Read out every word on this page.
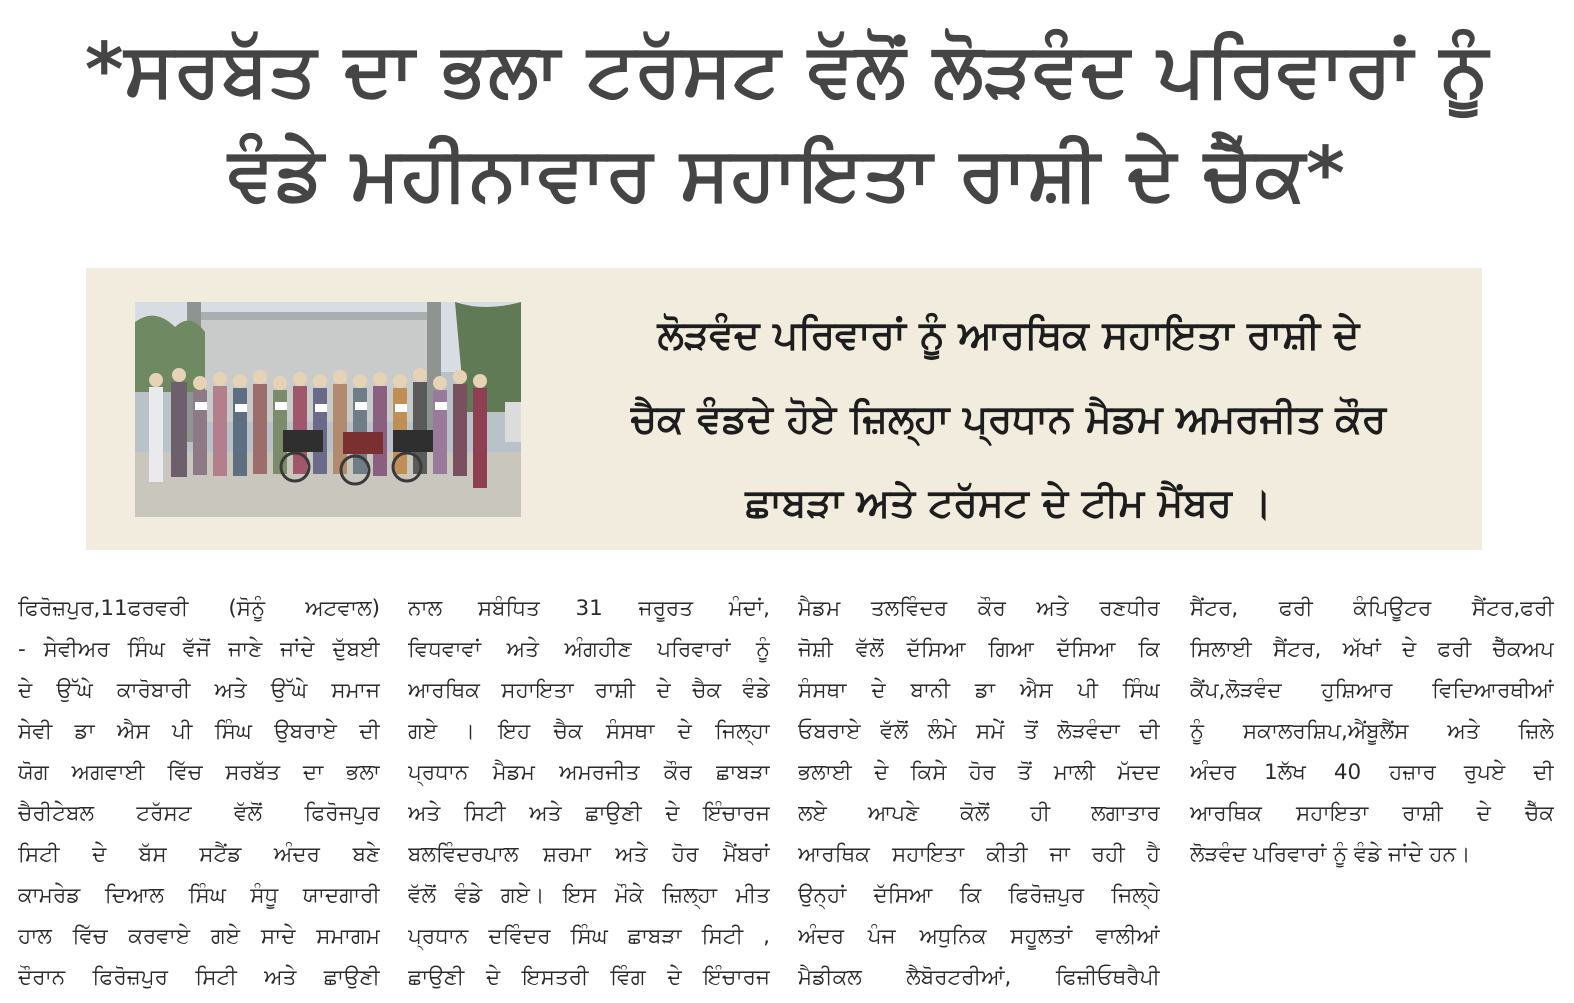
*ਸਰਬੱਤ ਦਾ ਭਲਾ ਟਰੱਸਟ ਵੱਲੋਂ ਲੋੜਵੰਦ ਪਰਿਵਾਰਾਂ ਨੂੰ
ਵੰਡੇ ਮਹੀਨਾਵਾਰ ਸਹਾਇਤਾ ਰਾਸ਼ੀ ਦੇ ਚੈੱਕ*
ਲੋੜਵੰਦ ਪਰਿਵਾਰਾਂ ਨੂੰ ਆਰਥਿਕ ਸਹਾਇਤਾ ਰਾਸ਼ੀ ਦੇ
ਚੈਕ ਵੰਡਦੇ ਹੋਏ ਜ਼ਿਲ੍ਹਾ ਪ੍ਰਧਾਨ ਮੈਡਮ ਅਮਰਜੀਤ ਕੌਰ
ਛਾਬੜਾ ਅਤੇ ਟਰੱਸਟ ਦੇ ਟੀਮ ਮੈਂਬਰ ।
ਫਿਰੋਜ਼ਪੁਰ,11ਫਰਵਰੀ (ਸੋਨੂੰ ਅਟਵਾਲ)
- ਸੇਵੀਅਰ ਸਿੰਘ ਵੱਜੋਂ ਜਾਣੇ ਜਾਂਦੇ ਦੁੱਬਈ
ਦੇ ਉੱਘੇ ਕਾਰੋਬਾਰੀ ਅਤੇ ਉੱਘੇ ਸਮਾਜ
ਸੇਵੀ ਡਾ ਐਸ ਪੀ ਸਿੰਘ ਉਬਰਾਏ ਦੀ
ਯੋਗ ਅਗਵਾਈ ਵਿੱਚ ਸਰਬੱਤ ਦਾ ਭਲਾ
ਚੈਰੀਟੇਬਲ ਟਰੱਸਟ ਵੱਲੋਂ ਫਿਰੋਜਪੁਰ
ਸਿਟੀ ਦੇ ਬੱਸ ਸਟੈਂਡ ਅੰਦਰ ਬਣੇ
ਕਾਮਰੇਡ ਦਿਆਲ ਸਿੰਘ ਸੰਧੂ ਯਾਦਗਾਰੀ
ਹਾਲ ਵਿੱਚ ਕਰਵਾਏ ਗਏ ਸਾਦੇ ਸਮਾਗਮ
ਦੌਰਾਨ ਫਿਰੋਜ਼ਪੁਰ ਸਿਟੀ ਅਤੇ ਛਾਉਣੀ
ਨਾਲ ਸਬੰਧਿਤ 31 ਜਰੂਰਤ ਮੰਦਾਂ,
ਵਿਧਵਾਵਾਂ ਅਤੇ ਅੰਗਹੀਣ ਪਰਿਵਾਰਾਂ ਨੂੰ
ਆਰਥਿਕ ਸਹਾਇਤਾ ਰਾਸ਼ੀ ਦੇ ਚੈਕ ਵੰਡੇ
ਗਏ । ਇਹ ਚੈਕ ਸੰਸਥਾ ਦੇ ਜਿਲ੍ਹਾ
ਪ੍ਰਧਾਨ ਮੈਡਮ ਅਮਰਜੀਤ ਕੌਰ ਛਾਬੜਾ
ਅਤੇ ਸਿਟੀ ਅਤੇ ਛਾਉਣੀ ਦੇ ਇੰਚਾਰਜ
ਬਲਵਿੰਦਰਪਾਲ ਸ਼ਰਮਾ ਅਤੇ ਹੋਰ ਮੈਂਬਰਾਂ
ਵੱਲੋਂ ਵੰਡੇ ਗਏ। ਇਸ ਮੌਕੇ ਜ਼ਿਲ੍ਹਾ ਮੀਤ
ਪ੍ਰਧਾਨ ਦਵਿੰਦਰ ਸਿੰਘ ਛਾਬੜਾ ਸਿਟੀ ,
ਛਾਉਣੀ ਦੇ ਇਸਤਰੀ ਵਿੰਗ ਦੇ ਇੰਚਾਰਜ
ਮੈਡਮ ਤਲਵਿੰਦਰ ਕੌਰ ਅਤੇ ਰਣਧੀਰ
ਜੋਸ਼ੀ ਵੱਲੋਂ ਦੱਸਿਆ ਗਿਆ ਦੱਸਿਆ ਕਿ
ਸੰਸਥਾ ਦੇ ਬਾਨੀ ਡਾ ਐਸ ਪੀ ਸਿੰਘ
ਓਬਰਾਏ ਵੱਲੋਂ ਲੰਮੇ ਸਮੇਂ ਤੋਂ ਲੋੜਵੰਦਾ ਦੀ
ਭਲਾਈ ਦੇ ਕਿਸੇ ਹੋਰ ਤੋਂ ਮਾਲੀ ਮੱਦਦ
ਲਏ ਆਪਣੇ ਕੋਲੋਂ ਹੀ ਲਗਾਤਾਰ
ਆਰਥਿਕ ਸਹਾਇਤਾ ਕੀਤੀ ਜਾ ਰਹੀ ਹੈ
ਉਨ੍ਹਾਂ ਦੱਸਿਆ ਕਿ ਫਿਰੋਜ਼ਪੁਰ ਜਿਲ੍ਹੇ
ਅੰਦਰ ਪੰਜ ਅਧੁਨਿਕ ਸਹੂਲਤਾਂ ਵਾਲੀਆਂ
ਮੈਡੀਕਲ ਲੈਬੋਰਟਰੀਆਂ, ਫਿਜ਼ੀਓਥਰੈਪੀ
ਸੈਂਟਰ, ਫਰੀ ਕੰਪਿਊਟਰ ਸੈਂਟਰ,ਫਰੀ
ਸਿਲਾਈ ਸੈਂਟਰ, ਅੱਖਾਂ ਦੇ ਫਰੀ ਚੈੱਕਅਪ
ਕੈਂਪ,ਲੋੜਵੰਦ ਹੁਸ਼ਿਆਰ ਵਿਦਿਆਰਥੀਆਂ
ਨੂੰ ਸਕਾਲਰਸ਼ਿਪ,ਐਂਬੂਲੈਂਸ ਅਤੇ ਜ਼ਿਲੇ
ਅੰਦਰ 1ਲੱਖ 40 ਹਜ਼ਾਰ ਰੁਪਏ ਦੀ
ਆਰਥਿਕ ਸਹਾਇਤਾ ਰਾਸ਼ੀ ਦੇ ਚੈੱਕ
ਲੋੜਵੰਦ ਪਰਿਵਾਰਾਂ ਨੂੰ ਵੰਡੇ ਜਾਂਦੇ ਹਨ।
